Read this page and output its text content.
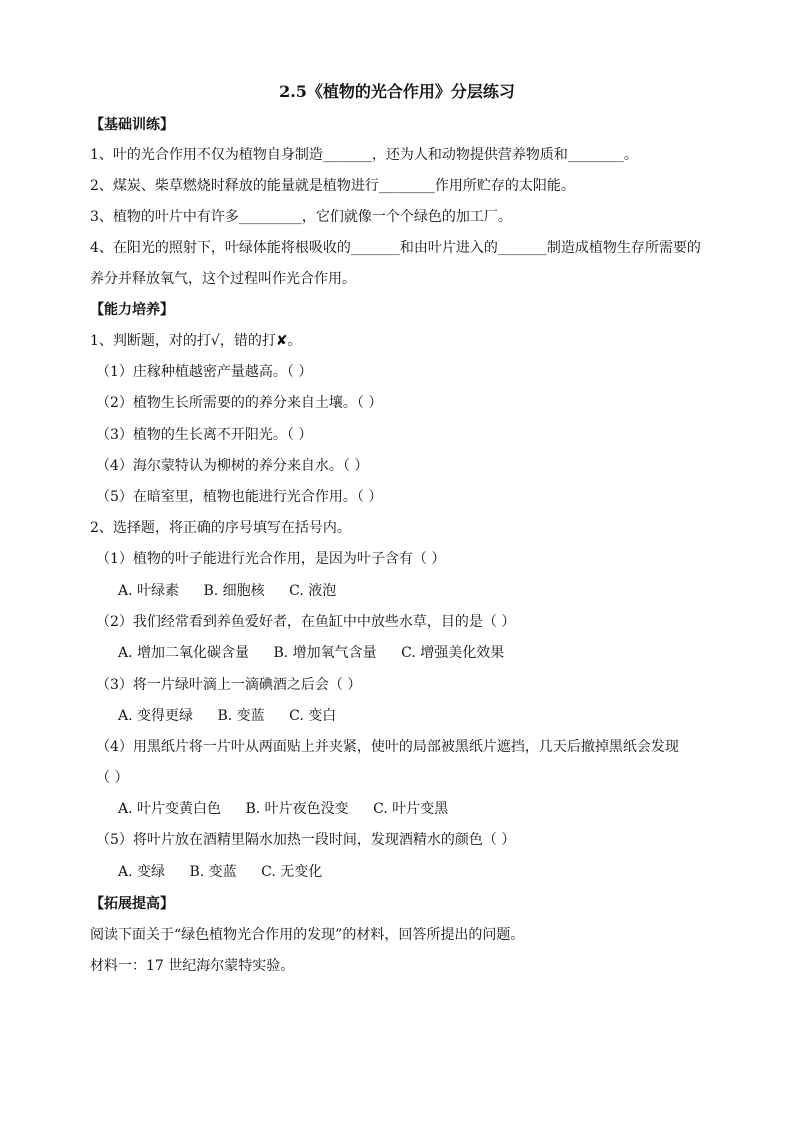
2.5《植物的光合作用》分层练习
【基础训练】
1、叶的光合作用不仅为植物自身制造_______，还为人和动物提供营养物质和________。
2、煤炭、柴草燃烧时释放的能量就是植物进行________作用所贮存的太阳能。
3、植物的叶片中有许多_________，它们就像一个个绿色的加工厂。
4、在阳光的照射下，叶绿体能将根吸收的_______和由叶片进入的_______制造成植物生存所需要的
养分并释放氧气，这个过程叫作光合作用。
【能力培养】
1、判断题，对的打√，错的打✘。
（1）庄稼种植越密产量越高。（ ）
（2）植物生长所需要的的养分来自土壤。（ ）
（3）植物的生长离不开阳光。（ ）
（4）海尔蒙特认为柳树的养分来自水。（ ）
（5）在暗室里，植物也能进行光合作用。（ ）
2、选择题，将正确的序号填写在括号内。
（1）植物的叶子能进行光合作用，是因为叶子含有（ ）
A. 叶绿素 B. 细胞核 C. 液泡
（2）我们经常看到养鱼爱好者，在鱼缸中中放些水草，目的是（ ）
A. 增加二氧化碳含量 B. 增加氧气含量 C. 增强美化效果
（3）将一片绿叶滴上一滴碘酒之后会（ ）
A. 变得更绿 B. 变蓝 C. 变白
（4）用黑纸片将一片叶从两面贴上并夹紧，使叶的局部被黑纸片遮挡，几天后撤掉黑纸会发现
（ ）
A. 叶片变黄白色 B. 叶片夜色没变 C. 叶片变黑
（5）将叶片放在酒精里隔水加热一段时间，发现酒精水的颜色（ ）
A. 变绿 B. 变蓝 C. 无变化
【拓展提高】
阅读下面关于“绿色植物光合作用的发现”的材料，回答所提出的问题。
材料一：17 世纪海尔蒙特实验。
